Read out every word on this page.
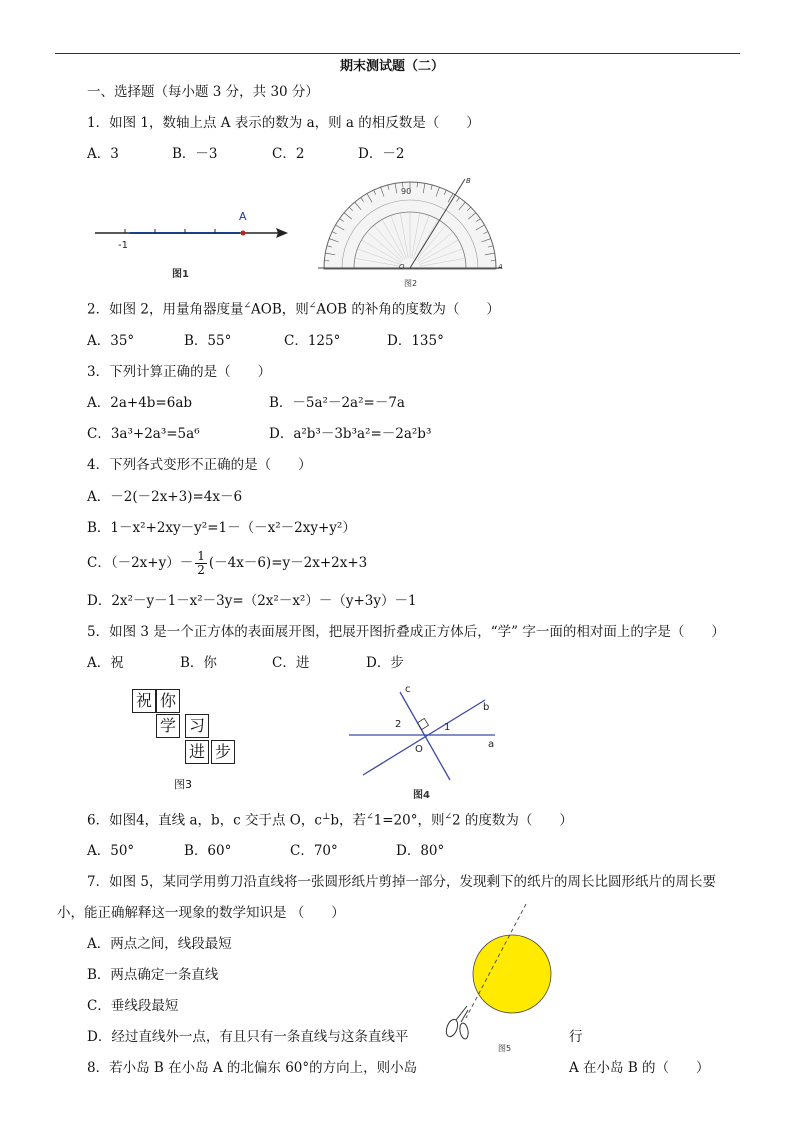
期末测试题（二）
一、选择题（每小题 3 分，共 30 分）
1．如图 1，数轴上点 A 表示的数为 a，则 a 的相反数是（　　）
A．3	B．－3	C．2	D．－2
A
-1
图1
90
B
O	A
图2
2．如图 2，用量角器度量∠AOB，则∠AOB 的补角的度数为（　　）
A．35°	B．55°	C．125°	D．135°
3．下列计算正确的是（　　）
A．2a+4b=6ab	B．－5a²－2a²=－7a
C．3a³+2a³=5a⁶	D．a²b³－3b³a²=－2a²b³
4．下列各式变形不正确的是（　　）
A．－2(－2x+3)=4x－6
B．1－x²+2xy－y²=1－（－x²－2xy+y²）
C．$(-2x+y)- \frac{1}{2} (-4x-6)=y-2x+2x+3$
D．2x²－y－1－x²－3y=（2x²－x²）－（y+3y）－1
5．如图 3 是一个正方体的表面展开图，把展开图折叠成正方体后，“学” 字一面的相对面上的字是（　　）
A．祝	B．你	C．进	D．步
祝 你
学 习
进 步
图3
c
b
a
O
1
2
图4
6．如图4，直线 a，b，c 交于点 O，c⊥b，若∠1=20°，则∠2 的度数为（　　）
A．50°	B．60°	C．70°	D．80°
7．如图 5，某同学用剪刀沿直线将一张圆形纸片剪掉一部分，发现剩下的纸片的周长比圆形纸片的周长要
小，能正确解释这一现象的数学知识是 （　　）
A．两点之间，线段最短
B．两点确定一条直线
C．垂线段最短
D．经过直线外一点，有且只有一条直线与这条直线平	行
图5
8．若小岛 B 在小岛 A 的北偏东 60°的方向上，则小岛	A 在小岛 B 的（　　）
